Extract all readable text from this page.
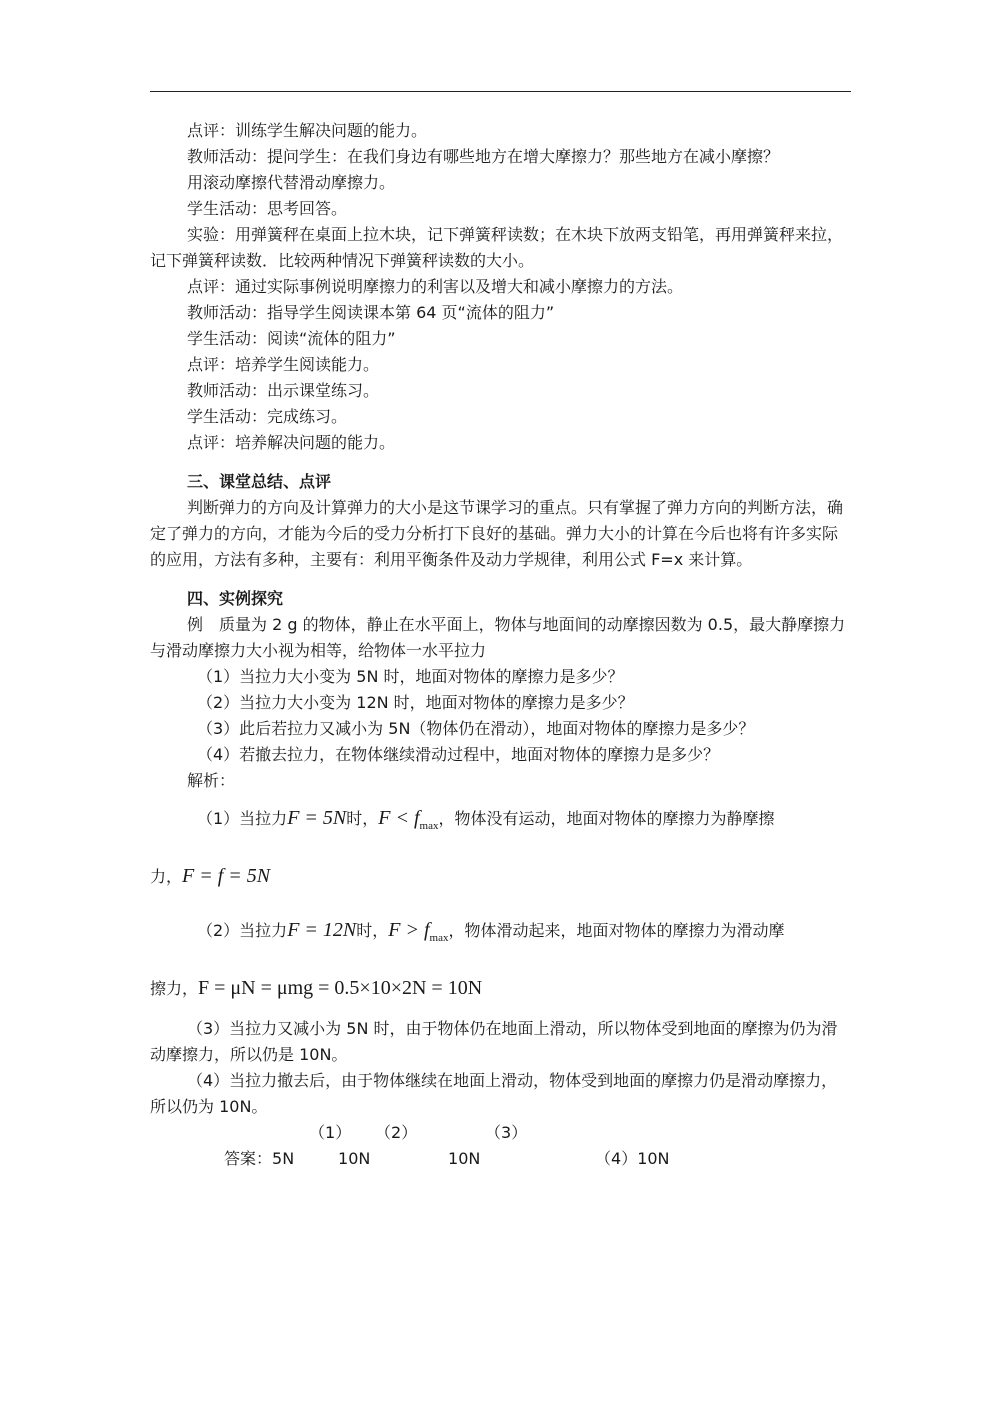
点评：训练学生解决问题的能力。

教师活动：提问学生：在我们身边有哪些地方在增大摩擦力？那些地方在减小摩擦？

用滚动摩擦代替滑动摩擦力。

学生活动：思考回答。

实验：用弹簧秤在桌面上拉木块，记下弹簧秤读数；在木块下放两支铅笔，再用弹簧秤来拉，记下弹簧秤读数．比较两种情况下弹簧秤读数的大小。

点评：通过实际事例说明摩擦力的利害以及增大和减小摩擦力的方法。

教师活动：指导学生阅读课本第 64 页“流体的阻力”

学生活动：阅读“流体的阻力”

点评：培养学生阅读能力。

教师活动：出示课堂练习。

学生活动：完成练习。

点评：培养解决问题的能力。

三、课堂总结、点评

判断弹力的方向及计算弹力的大小是这节课学习的重点。只有掌握了弹力方向的判断方法，确定了弹力的方向，才能为今后的受力分析打下良好的基础。弹力大小的计算在今后也将有许多实际的应用，方法有多种，主要有：利用平衡条件及动力学规律，利用公式 F=x 来计算。

四、实例探究

例　质量为 2 g 的物体，静止在水平面上，物体与地面间的动摩擦因数为 0.5，最大静摩擦力与滑动摩擦力大小视为相等，给物体一水平拉力

（1）当拉力大小变为 5N 时，地面对物体的摩擦力是多少？

（2）当拉力大小变为 12N 时，地面对物体的摩擦力是多少？

（3）此后若拉力又减小为 5N（物体仍在滑动），地面对物体的摩擦力是多少？

（4）若撤去拉力，在物体继续滑动过程中，地面对物体的摩擦力是多少？

解析：

（1）当拉力F = 5N时，$F < f_{max}$，物体没有运动，地面对物体的摩擦力为静摩擦

力，F = f = 5N

（2）当拉力F = 12N时，$F > f_{max}$，物体滑动起来，地面对物体的摩擦力为滑动摩

擦力，F = μN = μmg = 0.5×10×2N = 10N

（3）当拉力又减小为 5N 时，由于物体仍在地面上滑动，所以物体受到地面的摩擦为仍为滑动摩擦力，所以仍是 10N。

（4）当拉力撤去后，由于物体继续在地面上滑动，物体受到地面的摩擦力仍是滑动摩擦力，所以仍为 10N。

答案：（1）5N（2）10N（3）10N	（4）10N
